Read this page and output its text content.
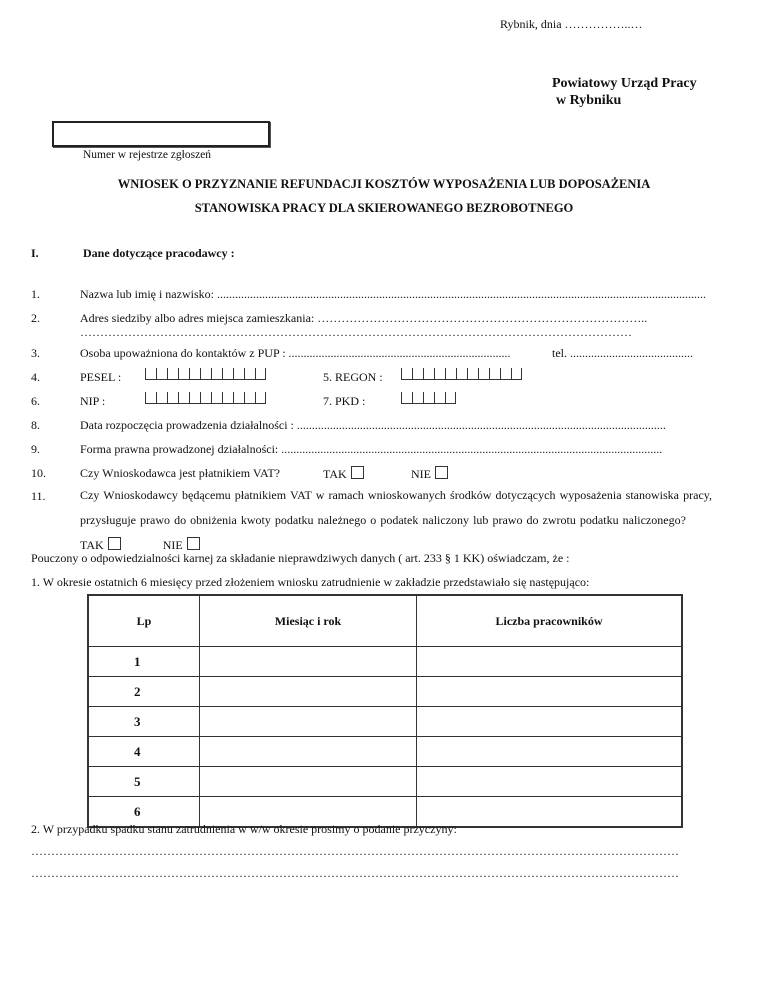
Rybnik, dnia ……………..…
Powiatowy Urząd Pracy
w Rybniku
Numer w rejestrze zgłoszeń
WNIOSEK O PRZYZNANIE REFUNDACJI KOSZTÓW WYPOSAŻENIA LUB DOPOSAŻENIA
STANOWISKA PRACY DLA SKIEROWANEGO BEZROBOTNEGO
I.	Dane dotyczące pracodawcy :
1.	Nazwa lub imię i nazwisko: ...................................................................................................................................................................
2.	Adres siedziby albo adres miejsca zamieszkania: ………………………………………………………………………..
…………………………………………………………………………………………………………………………
3.	Osoba upoważniona do kontaktów z PUP : ..........................................................................	tel. .........................................
4.	PESEL :	5. REGON :
6.	NIP :	7. PKD :
8.	Data rozpoczęcia prowadzenia działalności : ...........................................................................................................................
9.	Forma prawna prowadzonej działalności: ...............................................................................................................................
10.	Czy Wnioskodawca jest płatnikiem VAT?	TAK	NIE
11.	Czy Wnioskodawcy będącemu płatnikiem VAT w ramach wnioskowanych środków dotyczących wyposażenia stanowiska pracy, przysługuje prawo do obniżenia kwoty podatku należnego o podatek naliczony lub prawo do zwrotu podatku naliczonego?  TAK	NIE
Pouczony o odpowiedzialności karnej za składanie nieprawdziwych danych ( art. 233 § 1 KK) oświadczam, że :
1. W okresie ostatnich 6 miesięcy przed złożeniem wniosku zatrudnienie w zakładzie przedstawiało się następująco:
Lp	Miesiąc i rok	Liczba pracowników
1		
2		
3		
4		
5		
6		
2. W przypadku spadku stanu zatrudnienia w w/w okresie prosimy o podanie przyczyny:
………………………………………………………………………………………………………………………………………………
………………………………………………………………………………………………………………………………………………
